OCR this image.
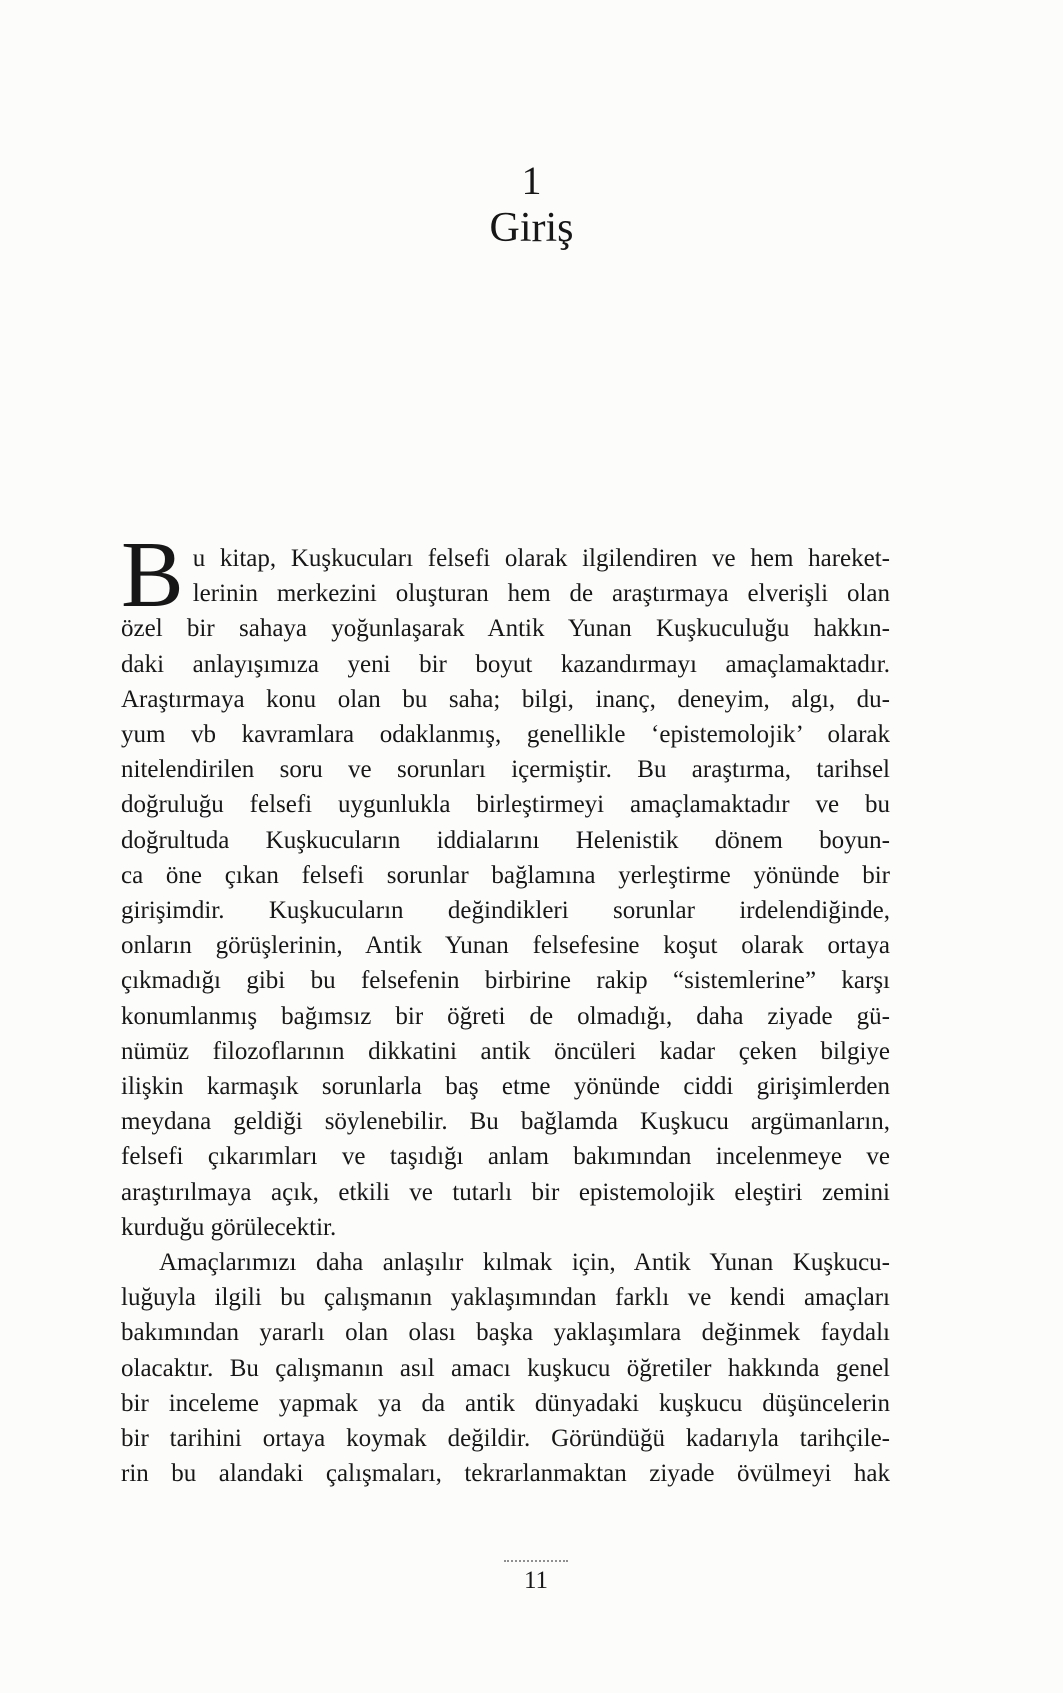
1
Giriş
B u kitap, Kuşkucuları felsefi olarak ilgilendiren ve hem hareket-
lerinin merkezini oluşturan hem de araştırmaya elverişli olan
özel bir sahaya yoğunlaşarak Antik Yunan Kuşkuculuğu hakkın-
daki anlayışımıza yeni bir boyut kazandırmayı amaçlamaktadır.
Araştırmaya konu olan bu saha; bilgi, inanç, deneyim, algı, du-
yum vb kavramlara odaklanmış, genellikle ‘epistemolojik’ olarak
nitelendirilen soru ve sorunları içermiştir. Bu araştırma, tarihsel
doğruluğu felsefi uygunlukla birleştirmeyi amaçlamaktadır ve bu
doğrultuda Kuşkucuların iddialarını Helenistik dönem boyun-
ca öne çıkan felsefi sorunlar bağlamına yerleştirme yönünde bir
girişimdir. Kuşkucuların değindikleri sorunlar irdelendiğinde,
onların görüşlerinin, Antik Yunan felsefesine koşut olarak ortaya
çıkmadığı gibi bu felsefenin birbirine rakip “sistemlerine” karşı
konumlanmış bağımsız bir öğreti de olmadığı, daha ziyade gü-
nümüz filozoflarının dikkatini antik öncüleri kadar çeken bilgiye
ilişkin karmaşık sorunlarla baş etme yönünde ciddi girişimlerden
meydana geldiği söylenebilir. Bu bağlamda Kuşkucu argümanların,
felsefi çıkarımları ve taşıdığı anlam bakımından incelenmeye ve
araştırılmaya açık, etkili ve tutarlı bir epistemolojik eleştiri zemini
kurduğu görülecektir.
Amaçlarımızı daha anlaşılır kılmak için, Antik Yunan Kuşkucu-
luğuyla ilgili bu çalışmanın yaklaşımından farklı ve kendi amaçları
bakımından yararlı olan olası başka yaklaşımlara değinmek faydalı
olacaktır. Bu çalışmanın asıl amacı kuşkucu öğretiler hakkında genel
bir inceleme yapmak ya da antik dünyadaki kuşkucu düşüncelerin
bir tarihini ortaya koymak değildir. Göründüğü kadarıyla tarihçile-
rin bu alandaki çalışmaları, tekrarlanmaktan ziyade övülmeyi hak
11
